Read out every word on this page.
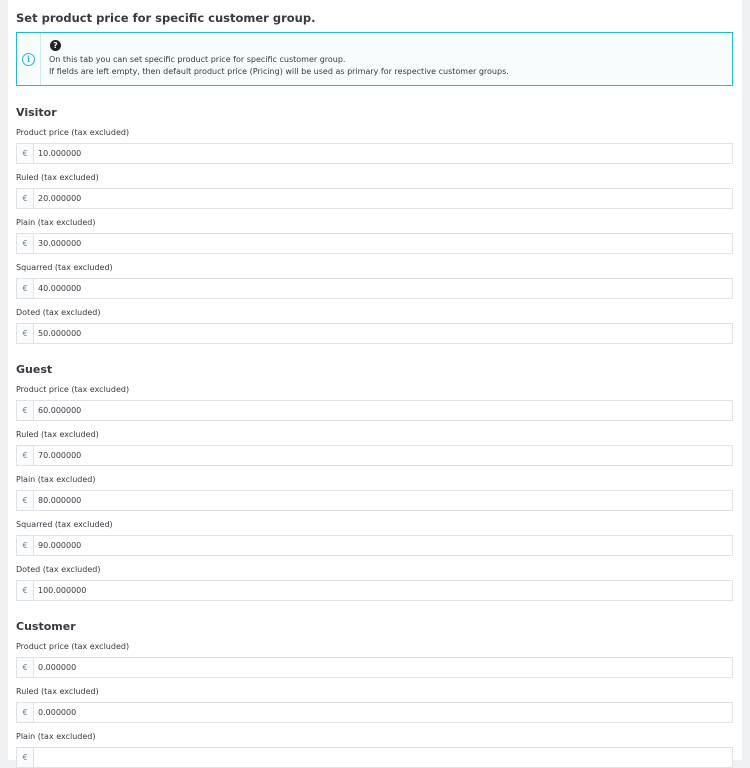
Set product price for specific customer group.
i
?
On this tab you can set specific product price for specific customer group.
If fields are left empty, then default product price (Pricing) will be used as primary for respective customer groups.
Visitor
Product price (tax excluded)
€
10.000000
Ruled (tax excluded)
€
20.000000
Plain (tax excluded)
€
30.000000
Squarred (tax excluded)
€
40.000000
Doted (tax excluded)
€
50.000000
Guest
Product price (tax excluded)
€
60.000000
Ruled (tax excluded)
€
70.000000
Plain (tax excluded)
€
80.000000
Squarred (tax excluded)
€
90.000000
Doted (tax excluded)
€
100.000000
Customer
Product price (tax excluded)
€
0.000000
Ruled (tax excluded)
€
0.000000
Plain (tax excluded)
€
